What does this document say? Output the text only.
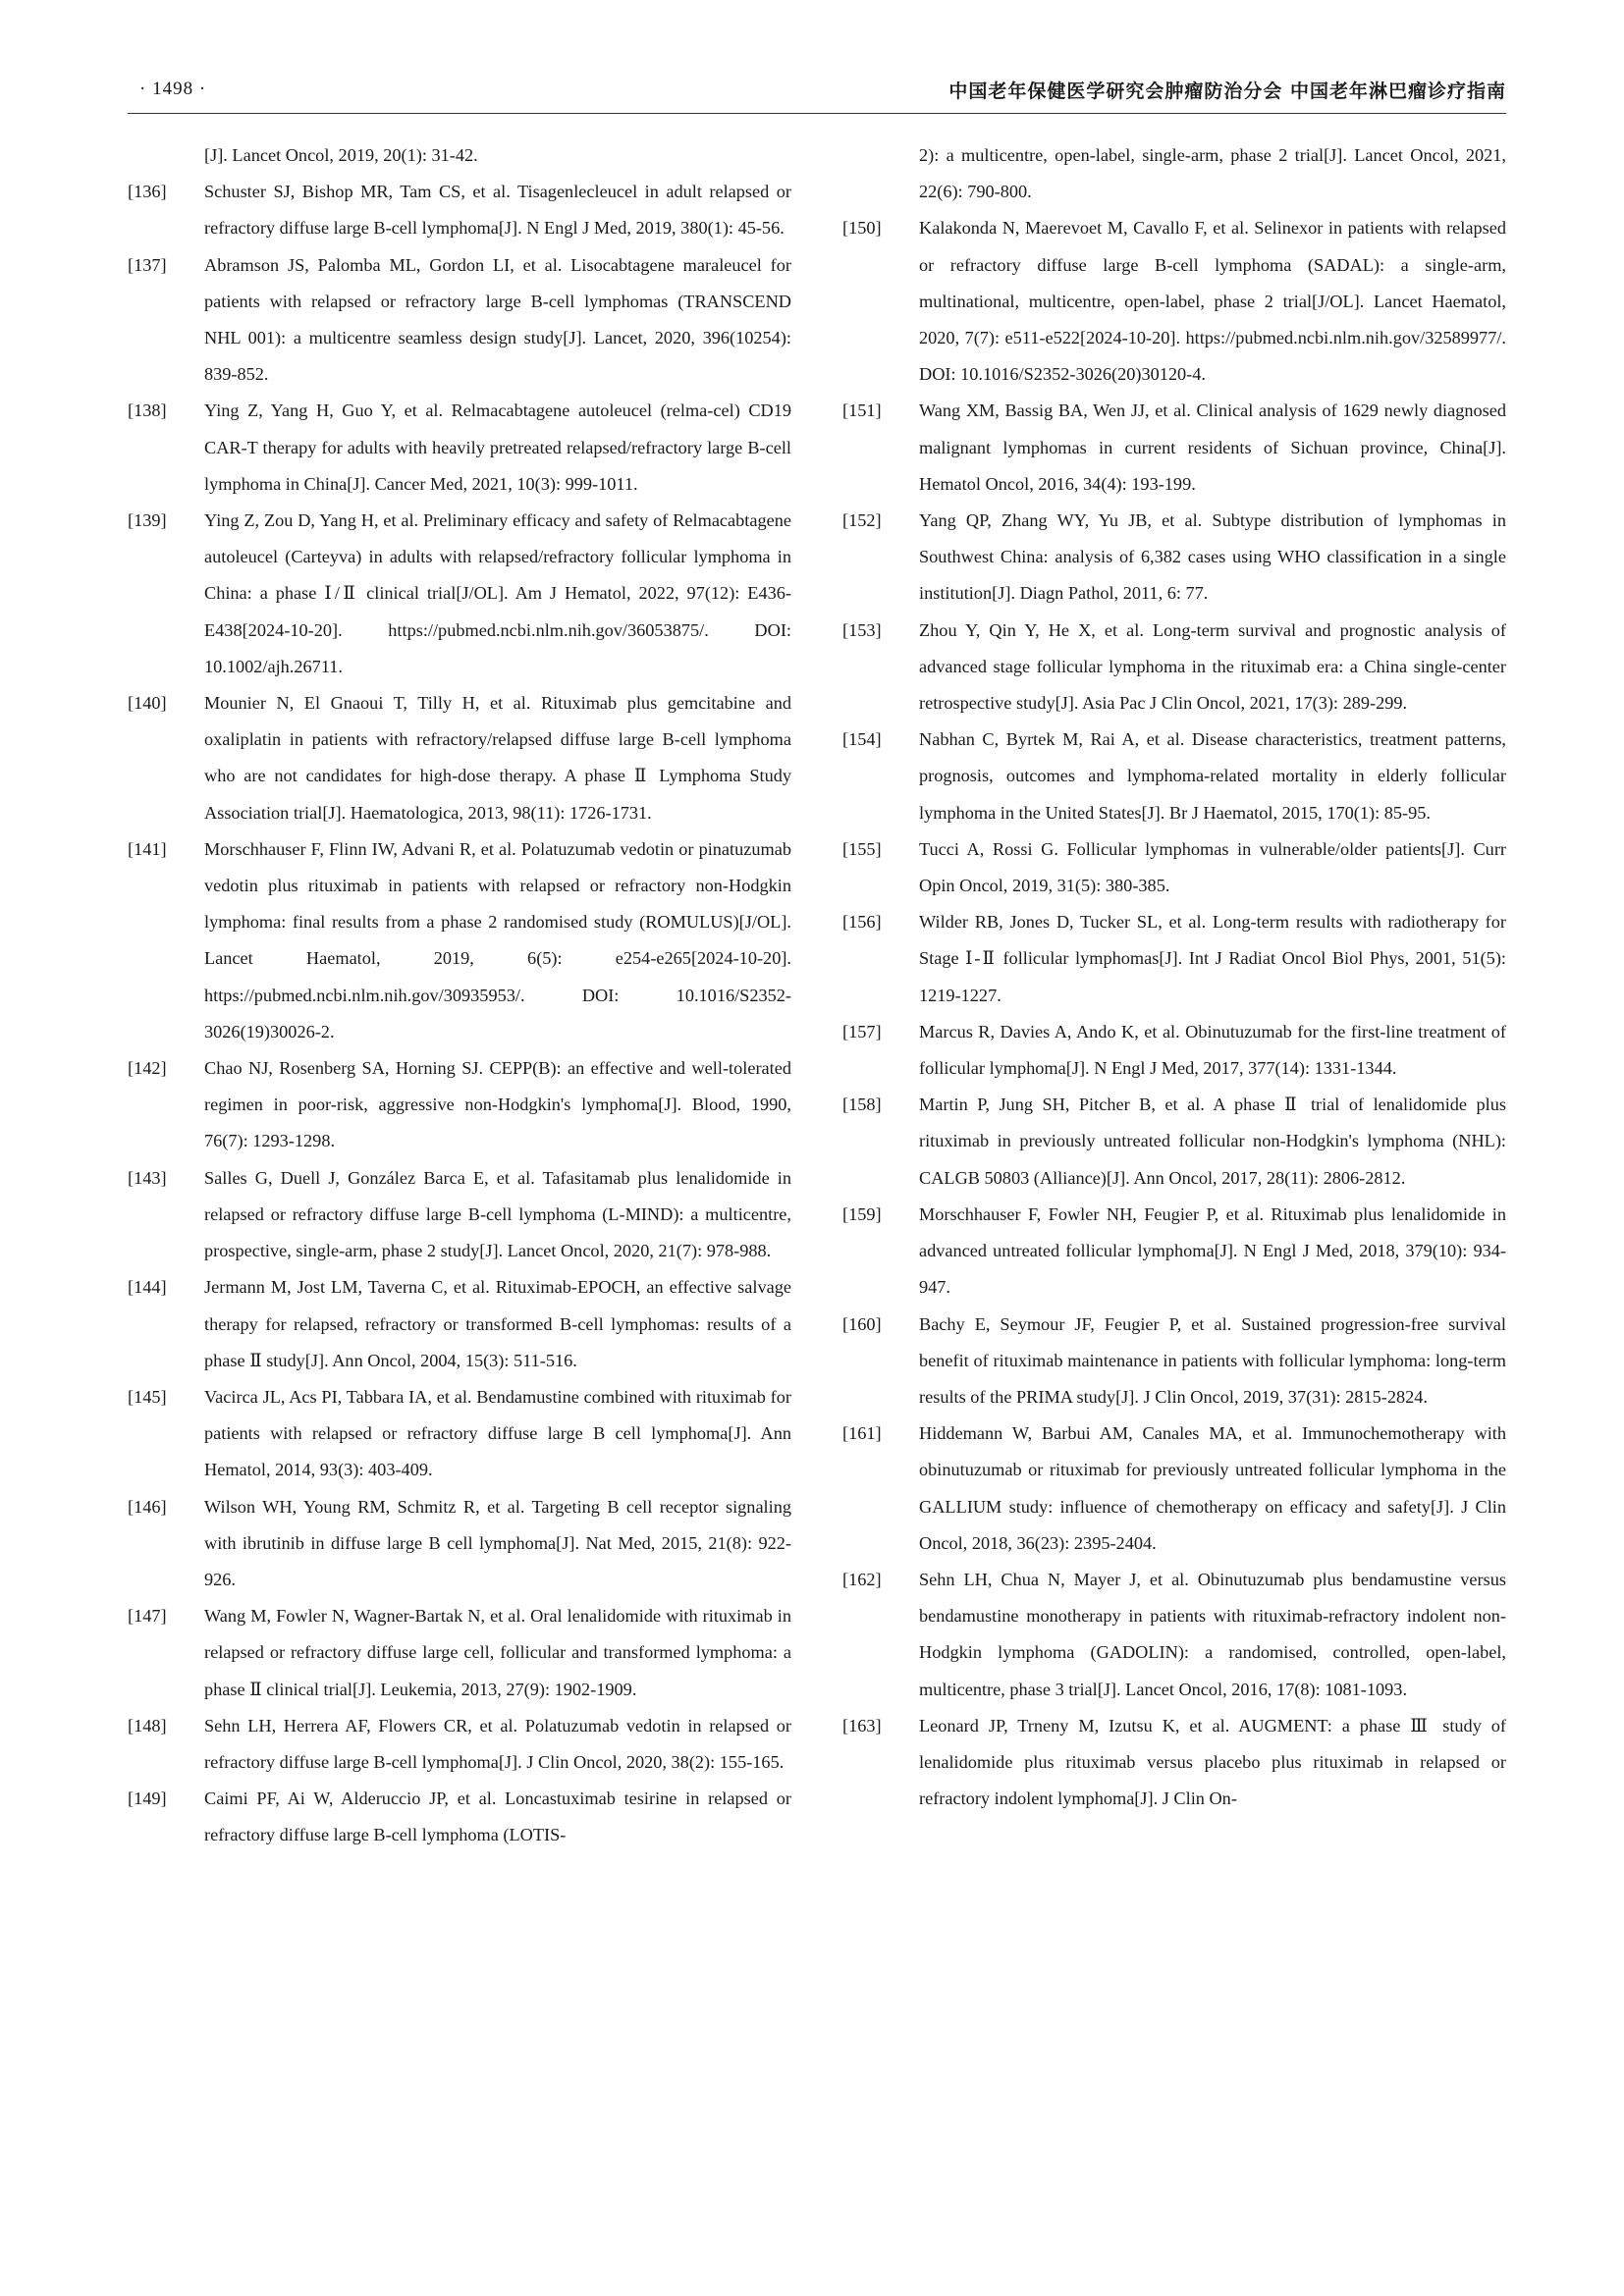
· 1498 ·	中国老年保健医学研究会肿瘤防治分会 中国老年淋巴瘤诊疗指南
[J]. Lancet Oncol, 2019, 20(1): 31-42.
[136] Schuster SJ, Bishop MR, Tam CS, et al. Tisagenlecleucel in adult relapsed or refractory diffuse large B-cell lymphoma[J]. N Engl J Med, 2019, 380(1): 45-56.
[137] Abramson JS, Palomba ML, Gordon LI, et al. Lisocabtagene maraleucel for patients with relapsed or refractory large B-cell lymphomas (TRANSCEND NHL 001): a multicentre seamless design study[J]. Lancet, 2020, 396(10254): 839-852.
[138] Ying Z, Yang H, Guo Y, et al. Relmacabtagene autoleucel (relma-cel) CD19 CAR-T therapy for adults with heavily pretreated relapsed/refractory large B-cell lymphoma in China[J]. Cancer Med, 2021, 10(3): 999-1011.
[139] Ying Z, Zou D, Yang H, et al. Preliminary efficacy and safety of Relmacabtagene autoleucel (Carteyva) in adults with relapsed/refractory follicular lymphoma in China: a phase Ⅰ/Ⅱ clinical trial[J/OL]. Am J Hematol, 2022, 97(12): E436-E438[2024-10-20]. https://pubmed.ncbi.nlm.nih.gov/36053875/. DOI: 10.1002/ajh.26711.
[140] Mounier N, El Gnaoui T, Tilly H, et al. Rituximab plus gemcitabine and oxaliplatin in patients with refractory/relapsed diffuse large B-cell lymphoma who are not candidates for high-dose therapy. A phase Ⅱ Lymphoma Study Association trial[J]. Haematologica, 2013, 98(11): 1726-1731.
[141] Morschhauser F, Flinn IW, Advani R, et al. Polatuzumab vedotin or pinatuzumab vedotin plus rituximab in patients with relapsed or refractory non-Hodgkin lymphoma: final results from a phase 2 randomised study (ROMULUS)[J/OL]. Lancet Haematol, 2019, 6(5): e254-e265[2024-10-20]. https://pubmed.ncbi.nlm.nih.gov/30935953/. DOI: 10.1016/S2352-3026(19)30026-2.
[142] Chao NJ, Rosenberg SA, Horning SJ. CEPP(B): an effective and well-tolerated regimen in poor-risk, aggressive non-Hodgkin's lymphoma[J]. Blood, 1990, 76(7): 1293-1298.
[143] Salles G, Duell J, González Barca E, et al. Tafasitamab plus lenalidomide in relapsed or refractory diffuse large B-cell lymphoma (L-MIND): a multicentre, prospective, single-arm, phase 2 study[J]. Lancet Oncol, 2020, 21(7): 978-988.
[144] Jermann M, Jost LM, Taverna C, et al. Rituximab-EPOCH, an effective salvage therapy for relapsed, refractory or transformed B-cell lymphomas: results of a phase Ⅱ study[J]. Ann Oncol, 2004, 15(3): 511-516.
[145] Vacirca JL, Acs PI, Tabbara IA, et al. Bendamustine combined with rituximab for patients with relapsed or refractory diffuse large B cell lymphoma[J]. Ann Hematol, 2014, 93(3): 403-409.
[146] Wilson WH, Young RM, Schmitz R, et al. Targeting B cell receptor signaling with ibrutinib in diffuse large B cell lymphoma[J]. Nat Med, 2015, 21(8): 922-926.
[147] Wang M, Fowler N, Wagner-Bartak N, et al. Oral lenalidomide with rituximab in relapsed or refractory diffuse large cell, follicular and transformed lymphoma: a phase Ⅱ clinical trial[J]. Leukemia, 2013, 27(9): 1902-1909.
[148] Sehn LH, Herrera AF, Flowers CR, et al. Polatuzumab vedotin in relapsed or refractory diffuse large B-cell lymphoma[J]. J Clin Oncol, 2020, 38(2): 155-165.
[149] Caimi PF, Ai W, Alderuccio JP, et al. Loncastuximab tesirine in relapsed or refractory diffuse large B-cell lymphoma (LOTIS-
2): a multicentre, open-label, single-arm, phase 2 trial[J]. Lancet Oncol, 2021, 22(6): 790-800.
[150] Kalakonda N, Maerevoet M, Cavallo F, et al. Selinexor in patients with relapsed or refractory diffuse large B-cell lymphoma (SADAL): a single-arm, multinational, multicentre, open-label, phase 2 trial[J/OL]. Lancet Haematol, 2020, 7(7): e511-e522[2024-10-20]. https://pubmed.ncbi.nlm.nih.gov/32589977/. DOI: 10.1016/S2352-3026(20)30120-4.
[151] Wang XM, Bassig BA, Wen JJ, et al. Clinical analysis of 1629 newly diagnosed malignant lymphomas in current residents of Sichuan province, China[J]. Hematol Oncol, 2016, 34(4): 193-199.
[152] Yang QP, Zhang WY, Yu JB, et al. Subtype distribution of lymphomas in Southwest China: analysis of 6,382 cases using WHO classification in a single institution[J]. Diagn Pathol, 2011, 6: 77.
[153] Zhou Y, Qin Y, He X, et al. Long-term survival and prognostic analysis of advanced stage follicular lymphoma in the rituximab era: a China single-center retrospective study[J]. Asia Pac J Clin Oncol, 2021, 17(3): 289-299.
[154] Nabhan C, Byrtek M, Rai A, et al. Disease characteristics, treatment patterns, prognosis, outcomes and lymphoma-related mortality in elderly follicular lymphoma in the United States[J]. Br J Haematol, 2015, 170(1): 85-95.
[155] Tucci A, Rossi G. Follicular lymphomas in vulnerable/older patients[J]. Curr Opin Oncol, 2019, 31(5): 380-385.
[156] Wilder RB, Jones D, Tucker SL, et al. Long-term results with radiotherapy for Stage Ⅰ-Ⅱ follicular lymphomas[J]. Int J Radiat Oncol Biol Phys, 2001, 51(5): 1219-1227.
[157] Marcus R, Davies A, Ando K, et al. Obinutuzumab for the first-line treatment of follicular lymphoma[J]. N Engl J Med, 2017, 377(14): 1331-1344.
[158] Martin P, Jung SH, Pitcher B, et al. A phase Ⅱ trial of lenalidomide plus rituximab in previously untreated follicular non-Hodgkin's lymphoma (NHL): CALGB 50803 (Alliance)[J]. Ann Oncol, 2017, 28(11): 2806-2812.
[159] Morschhauser F, Fowler NH, Feugier P, et al. Rituximab plus lenalidomide in advanced untreated follicular lymphoma[J]. N Engl J Med, 2018, 379(10): 934-947.
[160] Bachy E, Seymour JF, Feugier P, et al. Sustained progression-free survival benefit of rituximab maintenance in patients with follicular lymphoma: long-term results of the PRIMA study[J]. J Clin Oncol, 2019, 37(31): 2815-2824.
[161] Hiddemann W, Barbui AM, Canales MA, et al. Immunochemotherapy with obinutuzumab or rituximab for previously untreated follicular lymphoma in the GALLIUM study: influence of chemotherapy on efficacy and safety[J]. J Clin Oncol, 2018, 36(23): 2395-2404.
[162] Sehn LH, Chua N, Mayer J, et al. Obinutuzumab plus bendamustine versus bendamustine monotherapy in patients with rituximab-refractory indolent non-Hodgkin lymphoma (GADOLIN): a randomised, controlled, open-label, multicentre, phase 3 trial[J]. Lancet Oncol, 2016, 17(8): 1081-1093.
[163] Leonard JP, Trneny M, Izutsu K, et al. AUGMENT: a phase Ⅲ study of lenalidomide plus rituximab versus placebo plus rituximab in relapsed or refractory indolent lymphoma[J]. J Clin On-
